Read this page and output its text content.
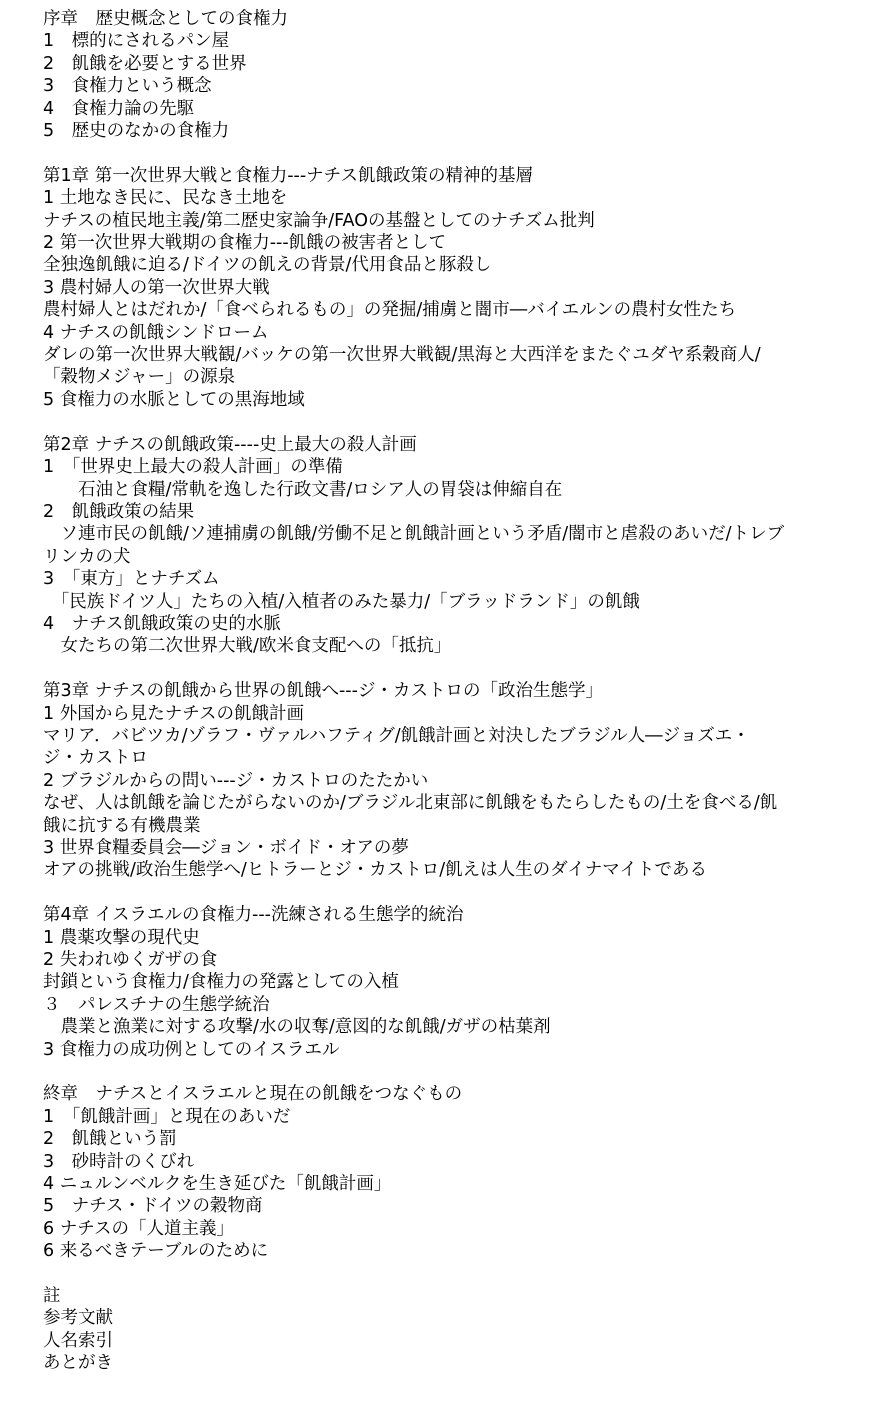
序章　歴史概念としての食権力
1　標的にされるパン屋
2　飢餓を必要とする世界
3　食権力という概念
4　食権力論の先駆
5　歴史のなかの食権力
第1章 第一次世界大戦と食権力---ナチス飢餓政策の精神的基層
1 土地なき民に、民なき土地を
ナチスの植民地主義/第二歴史家論争/FAOの基盤としてのナチズム批判
2 第一次世界大戦期の食権力---飢餓の被害者として
全独逸飢餓に迫る/ドイツの飢えの背景/代用食品と豚殺し
3 農村婦人の第一次世界大戦
農村婦人とはだれか/「食べられるもの」の発掘/捕虜と闇市―バイエルンの農村女性たち
4 ナチスの飢餓シンドローム
ダレの第一次世界大戦観/バッケの第一次世界大戦観/黒海と大西洋をまたぐユダヤ系穀商人/
「穀物メジャー」の源泉
5 食権力の水脈としての黒海地域
第2章 ナチスの飢餓政策----史上最大の殺人計画
1　「世界史上最大の殺人計画」の準備
　　石油と食糧/常軌を逸した行政文書/ロシア人の胃袋は伸縮自在
2　飢餓政策の結果
　ソ連市民の飢餓/ソ連捕虜の飢餓/労働不足と飢餓計画という矛盾/闇市と虐殺のあいだ/トレブ
リンカの犬
3　「東方」とナチズム
　「民族ドイツ人」たちの入植/入植者のみた暴力/「ブラッドランド」の飢餓
4　ナチス飢餓政策の史的水脈
　女たちの第二次世界大戦/欧米食支配への「抵抗」
第3章 ナチスの飢餓から世界の飢餓へ---ジ・カストロの「政治生態学」
1 外国から見たナチスの飢餓計画
マリア．バビツカ/ゾラフ・ヴァルハフティグ/飢餓計画と対決したブラジル人―ジョズエ・
ジ・カストロ
2 ブラジルからの問い---ジ・カストロのたたかい
なぜ、人は飢餓を論じたがらないのか/ブラジル北東部に飢餓をもたらしたもの/土を食べる/飢
餓に抗する有機農業
3 世界食糧委員会―ジョン・ボイド・オアの夢
オアの挑戦/政治生態学へ/ヒトラーとジ・カストロ/飢えは人生のダイナマイトである
第4章 イスラエルの食権力---洗練される生態学的統治
1 農薬攻撃の現代史
2 失われゆくガザの食
封鎖という食権力/食権力の発露としての入植
３　パレスチナの生態学統治
　農業と漁業に対する攻撃/水の収奪/意図的な飢餓/ガザの枯葉剤
3 食権力の成功例としてのイスラエル
終章　ナチスとイスラエルと現在の飢餓をつなぐもの
1　「飢餓計画」と現在のあいだ
2　飢餓という罰
3　砂時計のくびれ
4 ニュルンベルクを生き延びた「飢餓計画」
5　ナチス・ドイツの穀物商
6 ナチスの「人道主義」
6 来るべきテーブルのために
註
参考文献
人名索引
あとがき
